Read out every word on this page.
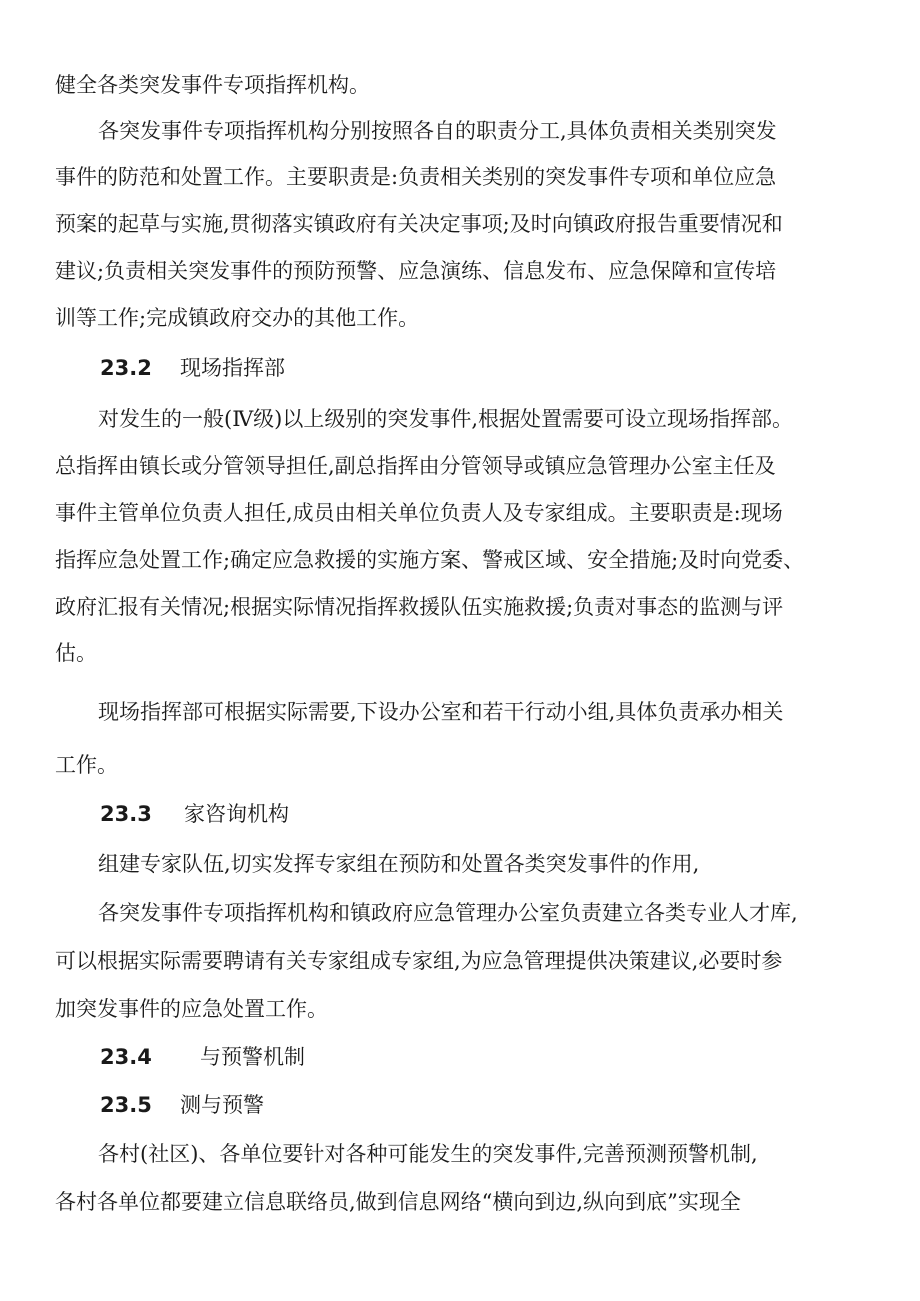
健全各类突发事件专项指挥机构。
各突发事件专项指挥机构分别按照各自的职责分工,具体负责相关类别突发
事件的防范和处置工作。主要职责是:负责相关类别的突发事件专项和单位应急
预案的起草与实施,贯彻落实镇政府有关决定事项;及时向镇政府报告重要情况和
建议;负责相关突发事件的预防预警、应急演练、信息发布、应急保障和宣传培
训等工作;完成镇政府交办的其他工作。
23.2 现场指挥部
对发生的一般(Ⅳ级)以上级别的突发事件,根据处置需要可设立现场指挥部。
总指挥由镇长或分管领导担任,副总指挥由分管领导或镇应急管理办公室主任及
事件主管单位负责人担任,成员由相关单位负责人及专家组成。主要职责是:现场
指挥应急处置工作;确定应急救援的实施方案、警戒区域、安全措施;及时向党委、
政府汇报有关情况;根据实际情况指挥救援队伍实施救援;负责对事态的监测与评
估。
现场指挥部可根据实际需要,下设办公室和若干行动小组,具体负责承办相关
工作。
23.3 家咨询机构
组建专家队伍,切实发挥专家组在预防和处置各类突发事件的作用,
各突发事件专项指挥机构和镇政府应急管理办公室负责建立各类专业人才库,
可以根据实际需要聘请有关专家组成专家组,为应急管理提供决策建议,必要时参
加突发事件的应急处置工作。
23.4 与预警机制
23.5 测与预警
各村(社区)、各单位要针对各种可能发生的突发事件,完善预测预警机制,
各村各单位都要建立信息联络员,做到信息网络“横向到边,纵向到底”实现全
